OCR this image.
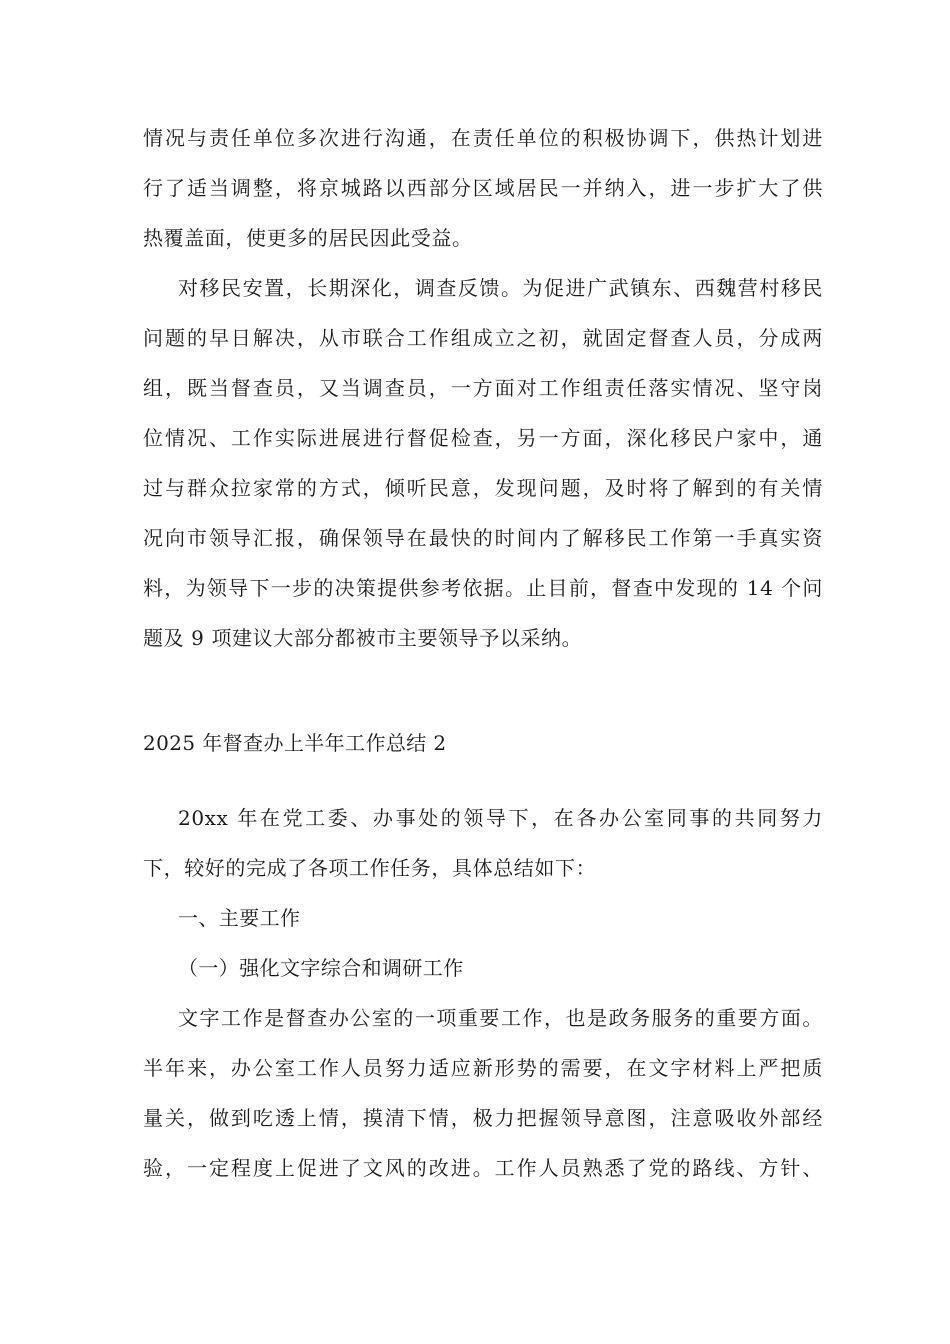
情况与责任单位多次进行沟通，在责任单位的积极协调下，供热计划进
行了适当调整，将京城路以西部分区域居民一并纳入，进一步扩大了供
热覆盖面，使更多的居民因此受益。
对移民安置，长期深化，调查反馈。为促进广武镇东、西魏营村移民
问题的早日解决，从市联合工作组成立之初，就固定督查人员，分成两
组，既当督查员，又当调查员，一方面对工作组责任落实情况、坚守岗
位情况、工作实际进展进行督促检查，另一方面，深化移民户家中，通
过与群众拉家常的方式，倾听民意，发现问题，及时将了解到的有关情
况向市领导汇报，确保领导在最快的时间内了解移民工作第一手真实资
料，为领导下一步的决策提供参考依据。止目前，督查中发现的 14 个问
题及 9 项建议大部分都被市主要领导予以采纳。
2025 年督查办上半年工作总结 2
20xx 年在党工委、办事处的领导下，在各办公室同事的共同努力
下，较好的完成了各项工作任务，具体总结如下：
一、主要工作
（一）强化文字综合和调研工作
文字工作是督查办公室的一项重要工作，也是政务服务的重要方面。
半年来，办公室工作人员努力适应新形势的需要，在文字材料上严把质
量关，做到吃透上情，摸清下情，极力把握领导意图，注意吸收外部经
验，一定程度上促进了文风的改进。工作人员熟悉了党的路线、方针、
